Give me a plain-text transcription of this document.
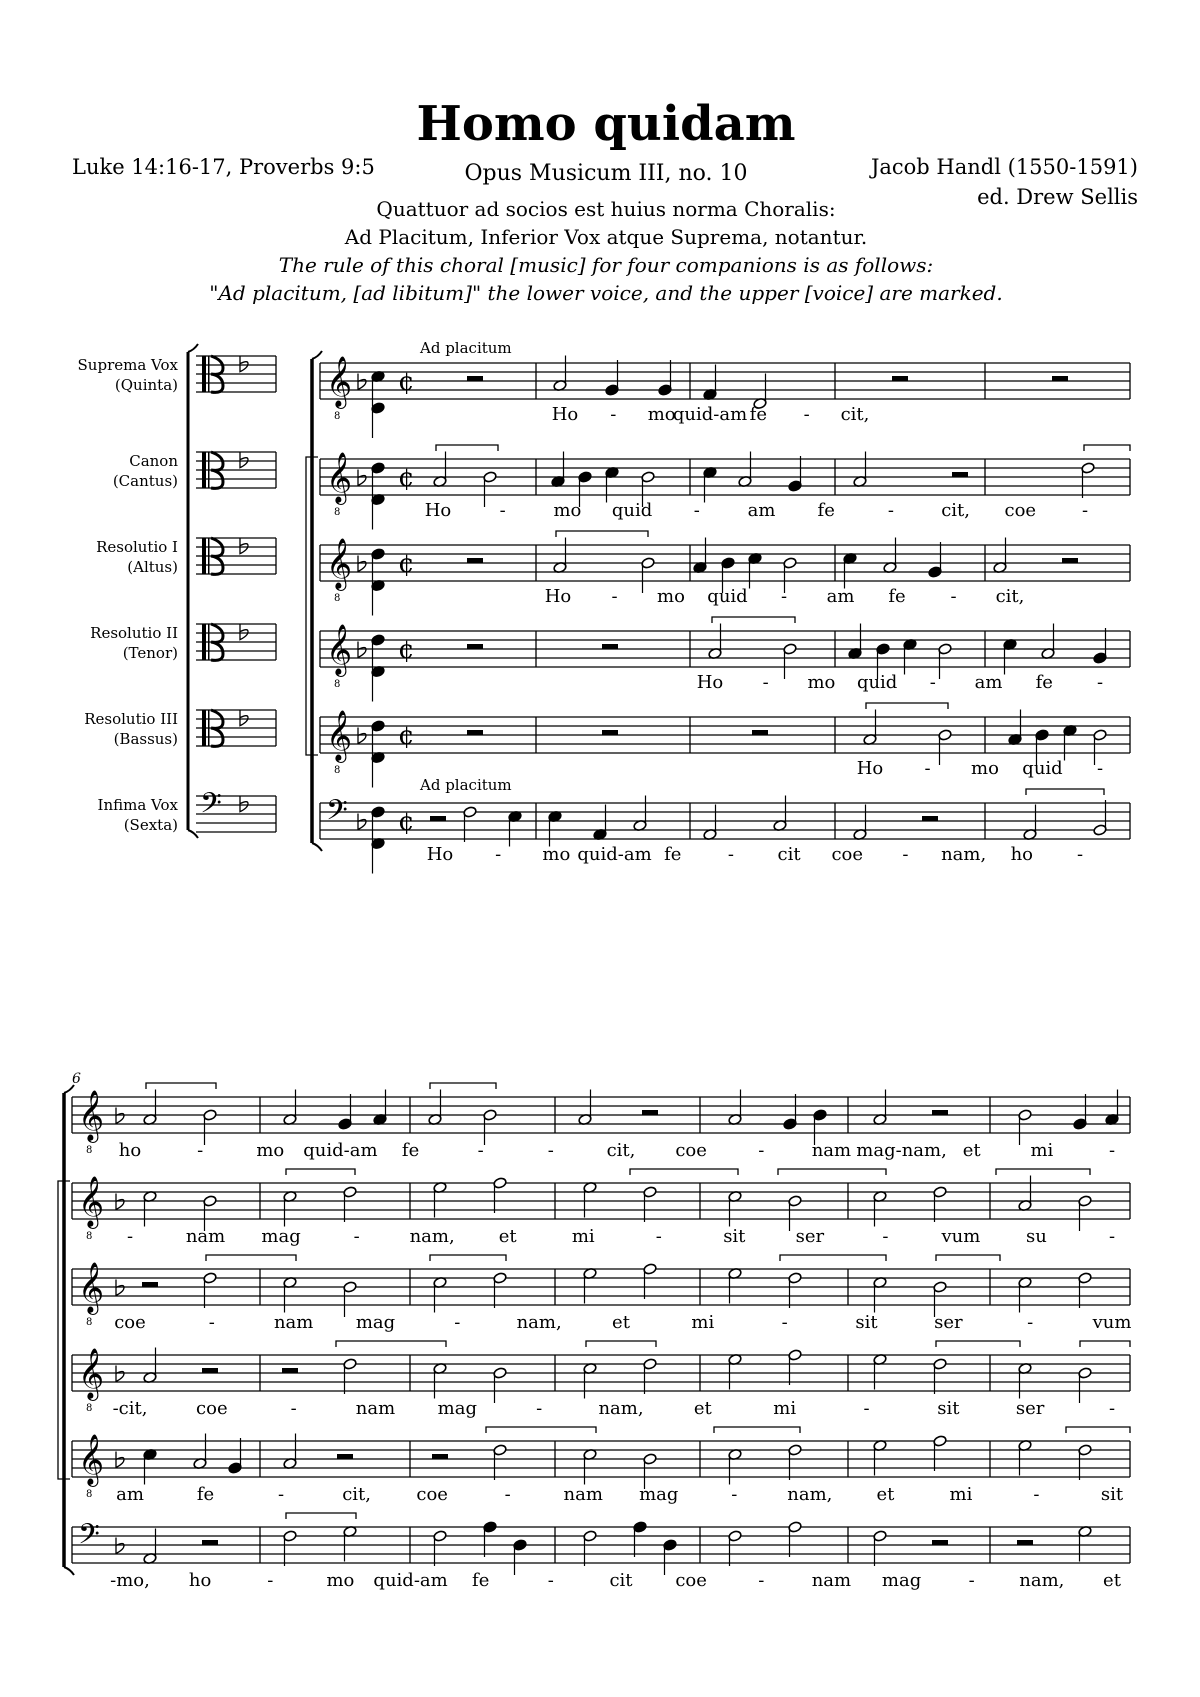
Homo quidam
Opus Musicum III, no. 10
Luke 14:16-17, Proverbs 9:5	Jacob Handl (1550-1591)
ed. Drew Sellis
Quattuor ad socios est huius norma Choralis:
Ad Placitum, Inferior Vox atque Suprema, notantur.
The rule of this choral [music] for four companions is as follows:
"Ad placitum, [ad libitum]" the lower voice, and the upper [voice] are marked.
Suprema Vox
(Quinta)
Canon
(Cantus)
Resolutio I
(Altus)
Resolutio II
(Tenor)
Resolutio III
(Bassus)
Infima Vox
(Sexta) 𝄢
𝄞
8
¢
𝄞
8
¢
𝄞
8
¢
𝄞
8
¢
𝄞
8
¢
𝄢 ¢
Ho - mo
quid-am fe - cit,
Ho	-	mo quid -	am fe	-	cit, coe	-
Ho - mo quid - am fe - cit,
Ho - mo quid - am fe -
Ho - mo quid -
Ho - mo quid-am fe	- cit coe - nam, ho -
Ad placitum
Ad placitum
𝄞
8
𝄞
8
𝄞
8
𝄞
8
𝄞
8
𝄢
ho	-	mo quid-am fe	-	-	cit, coe	-	nam mag-nam, et	mi	-
-	nam mag	-	nam, et	mi	-	sit	ser	-	vum	su	-
coe	-	nam mag	-	nam,	et	mi	-	sit	ser	-	vum
-cit,	coe	-	nam mag	-	nam,	et	mi	-	sit	ser	-
am	fe	-	cit,	coe	-	nam mag	-	nam, et	mi	-	sit
-mo, ho	-	mo quid-am fe	-	cit coe	-	nam mag	- nam, et
6
